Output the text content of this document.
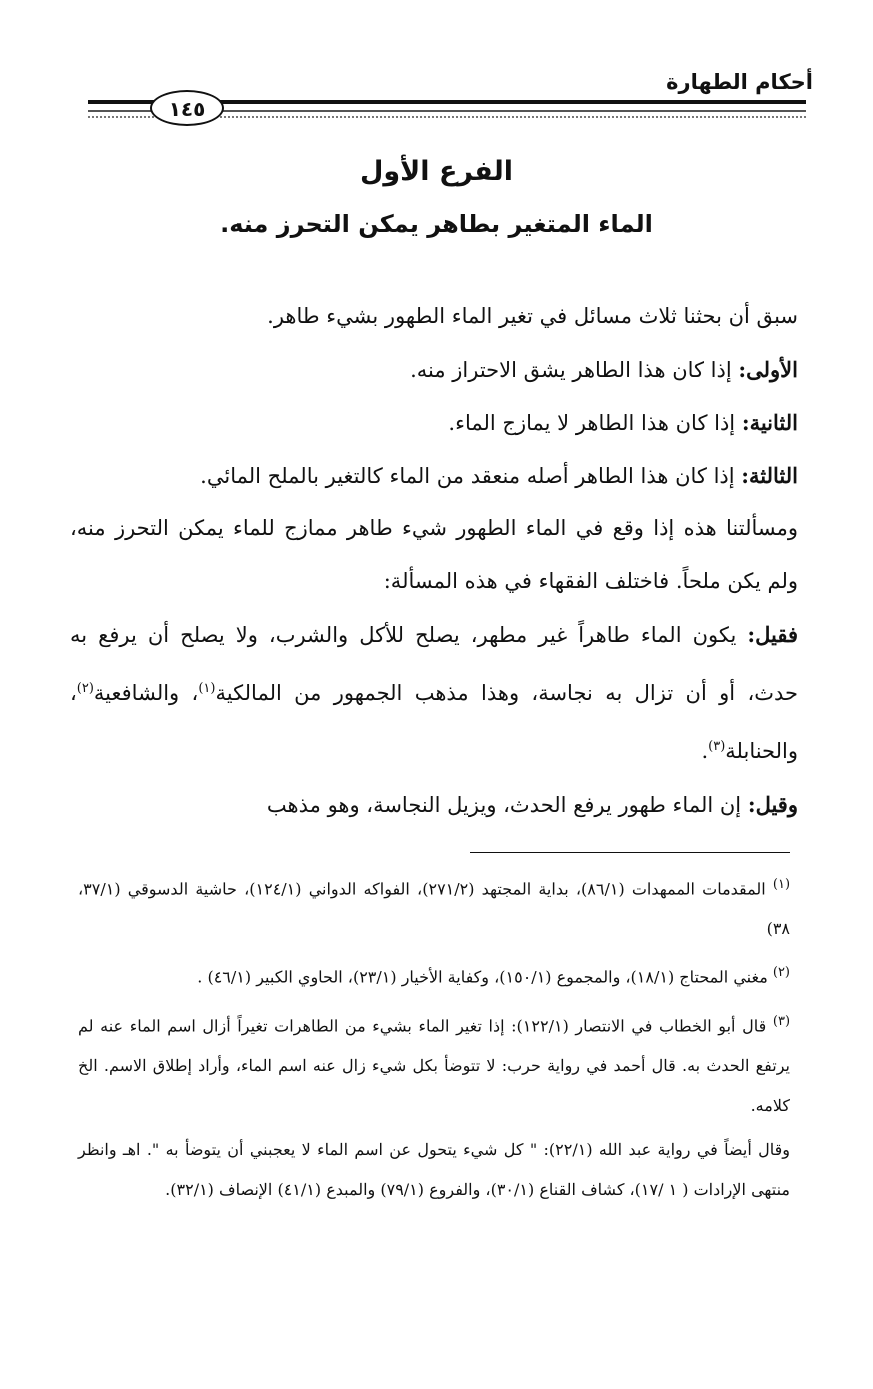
أحكام الطهارة
١٤٥
الفرع الأول
الماء المتغير بطاهر يمكن التحرز منه.

سبق أن بحثنا ثلاث مسائل في تغير الماء الطهور بشيء طاهر.

الأولى: إذا كان هذا الطاهر يشق الاحتراز منه.

الثانية: إذا كان هذا الطاهر لا يمازج الماء.

الثالثة: إذا كان هذا الطاهر أصله منعقد من الماء كالتغير بالملح المائي.

ومسألتنا هذه إذا وقع في الماء الطهور شيء طاهر ممازج للماء يمكن التحرز منه، ولم يكن ملحاً. فاختلف الفقهاء في هذه المسألة:

فقيل: يكون الماء طاهراً غير مطهر، يصلح للأكل والشرب، ولا يصلح أن يرفع به حدث، أو أن تزال به نجاسة، وهذا مذهب الجمهور من المالكية$^{(١)}$، والشافعية$^{(٢)}$، والحنابلة$^{(٣)}$.

وقيل: إن الماء طهور يرفع الحدث، ويزيل النجاسة، وهو مذهب

$^{(١)}$ المقدمات الممهدات (٨٦/١)، بداية المجتهد (٢٧١/٢)، الفواكه الدواني (١٢٤/١)، حاشية الدسوقي (٣٧/١، ٣٨)

$^{(٢)}$ مغني المحتاج (١٨/١)، والمجموع (١٥٠/١)، وكفاية الأخيار (٢٣/١)، الحاوي الكبير (٤٦/١) .

$^{(٣)}$ قال أبو الخطاب في الانتصار (١٢٢/١): إذا تغير الماء بشيء من الطاهرات تغيراً أزال اسم الماء عنه لم يرتفع الحدث به. قال أحمد في رواية حرب: لا تتوضأ بكل شيء زال عنه اسم الماء، وأراد إطلاق الاسم. الخ كلامه.

وقال أيضاً في رواية عبد الله (٢٢/١): " كل شيء يتحول عن اسم الماء لا يعجبني أن يتوضأ به ". اهـ وانظر منتهى الإرادات ( ١ /١٧)، كشاف القناع (٣٠/١)، والفروع (٧٩/١) والمبدع (٤١/١) الإنصاف (٣٢/١).
